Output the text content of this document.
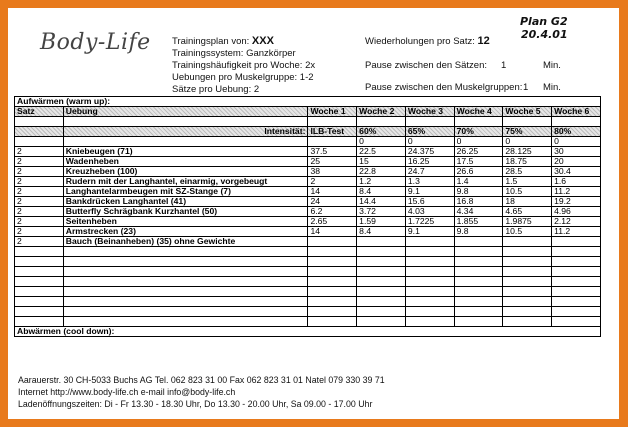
Body-Life	Trainingsplan von: XXX
Trainingssystem: Ganzkörper
Trainingshäufigkeit pro Woche: 2x
Uebungen pro Muskelgruppe: 1-2
Sätze pro Uebung: 2
Wiederholungen pro Satz: 12
Pause zwischen den Sätzen: 1	Min.
Pause zwischen den Muskelgruppen: 1 Min.
Plan G2
20.4.01
Aufwärmen (warm up):							
Satz	Uebung	Woche 1	Woche 2	Woche 3	Woche 4	Woche 5	Woche 6

	Intensität:	ILB-Test	60%	65%	70%	75%	80%
			0	0	0	0	0
2	Kniebeugen (71)	37.5	22.5	24.375	26.25	28.125	30
2	Wadenheben	25	15	16.25	17.5	18.75	20
2	Kreuzheben (100)	38	22.8	24.7	26.6	28.5	30.4
2	Rudern mit der Langhantel, einarmig, vorgebeugt	2	1.2	1.3	1.4	1.5	1.6
2	Langhantelarmbeugen mit SZ-Stange (7)	14	8.4	9.1	9.8	10.5	11.2
2	Bankdrücken Langhantel (41)	24	14.4	15.6	16.8	18	19.2
2	Butterfly Schrägbank Kurzhantel (50)	6.2	3.72	4.03	4.34	4.65	4.96
2	Seitenheben	2.65	1.59	1.7225	1.855	1.9875	2.12
2	Armstrecken (23)	14	8.4	9.1	9.8	10.5	11.2
2	Bauch (Beinanheben) (35) ohne Gewichte						

Abwärmen (cool down):							
Aarauerstr. 30 CH-5033 Buchs AG Tel. 062 823 31 00 Fax 062 823 31 01 Natel 079 330 39 71
Internet http://www.body-life.ch e-mail info@body-life.ch
Ladenöffnungszeiten: Di - Fr 13.30 - 18.30 Uhr, Do 13.30 - 20.00 Uhr, Sa 09.00 - 17.00 Uhr
